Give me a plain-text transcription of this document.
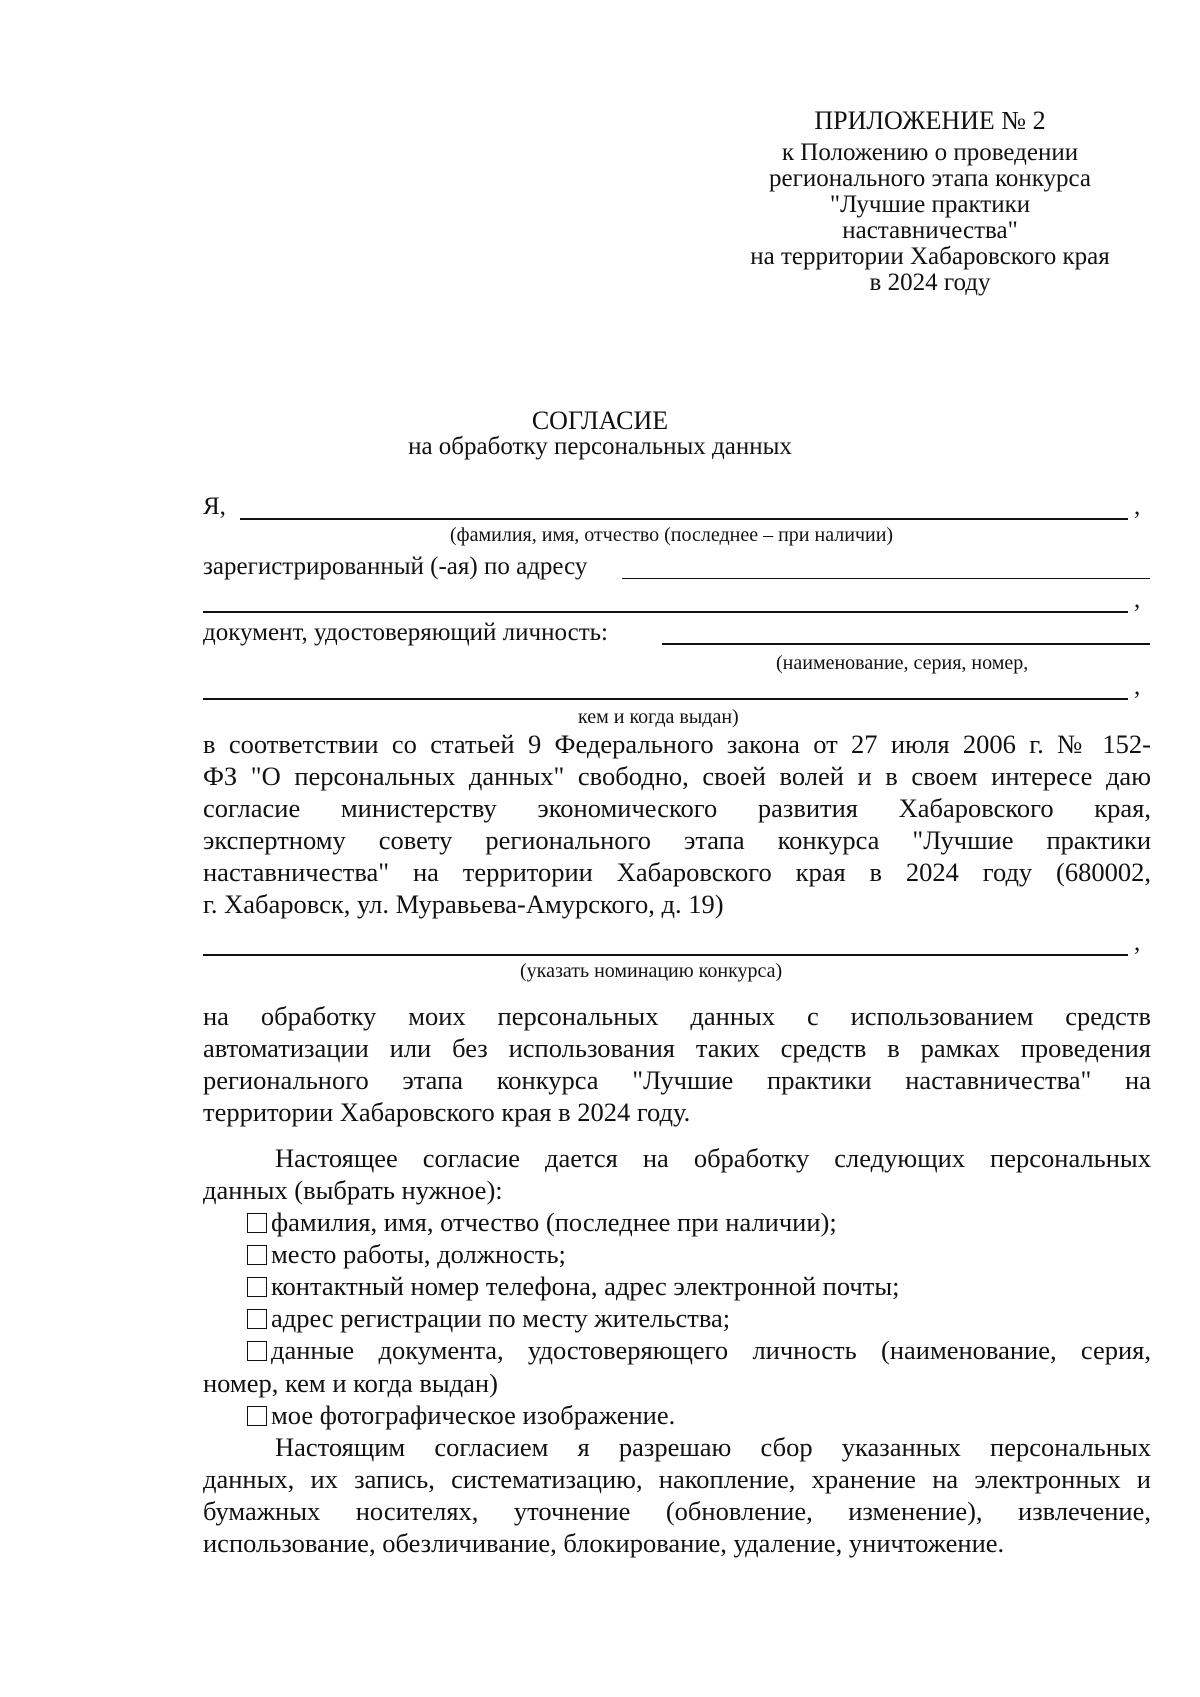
ПРИЛОЖЕНИЕ № 2
к Положению о проведении
регионального этапа конкурса
"Лучшие практики наставничества"
на территории Хабаровского края
в 2024 году
СОГЛАСИЕ
на обработку персональных данных
Я,	,
(фамилия, имя, отчество (последнее – при наличии)
зарегистрированный (-ая) по адресу
,
документ, удостоверяющий личность:
(наименование, серия, номер,
,
кем и когда выдан)
в соответствии со статьей 9 Федерального закона от 27 июля 2006 г. № 152-
ФЗ "О персональных данных" свободно, своей волей и в своем интересе даю
согласие министерству экономического развития Хабаровского края,
экспертному совету регионального этапа конкурса "Лучшие практики
наставничества" на территории Хабаровского края в 2024 году (680002,
г. Хабаровск, ул. Муравьева-Амурского, д. 19)
,
(указать номинацию конкурса)
на обработку моих персональных данных с использованием средств
автоматизации или без использования таких средств в рамках проведения
регионального этапа конкурса "Лучшие практики наставничества" на
территории Хабаровского края в 2024 году.
Настоящее согласие дается на обработку следующих персональных
данных (выбрать нужное):
фамилия, имя, отчество (последнее при наличии);
место работы, должность;
контактный номер телефона, адрес электронной почты;
адрес регистрации по месту жительства;
данные документа, удостоверяющего личность (наименование, серия,
номер, кем и когда выдан)
мое фотографическое изображение.
Настоящим согласием я разрешаю сбор указанных персональных
данных, их запись, систематизацию, накопление, хранение на электронных и
бумажных носителях, уточнение (обновление, изменение), извлечение,
использование, обезличивание, блокирование, удаление, уничтожение.
